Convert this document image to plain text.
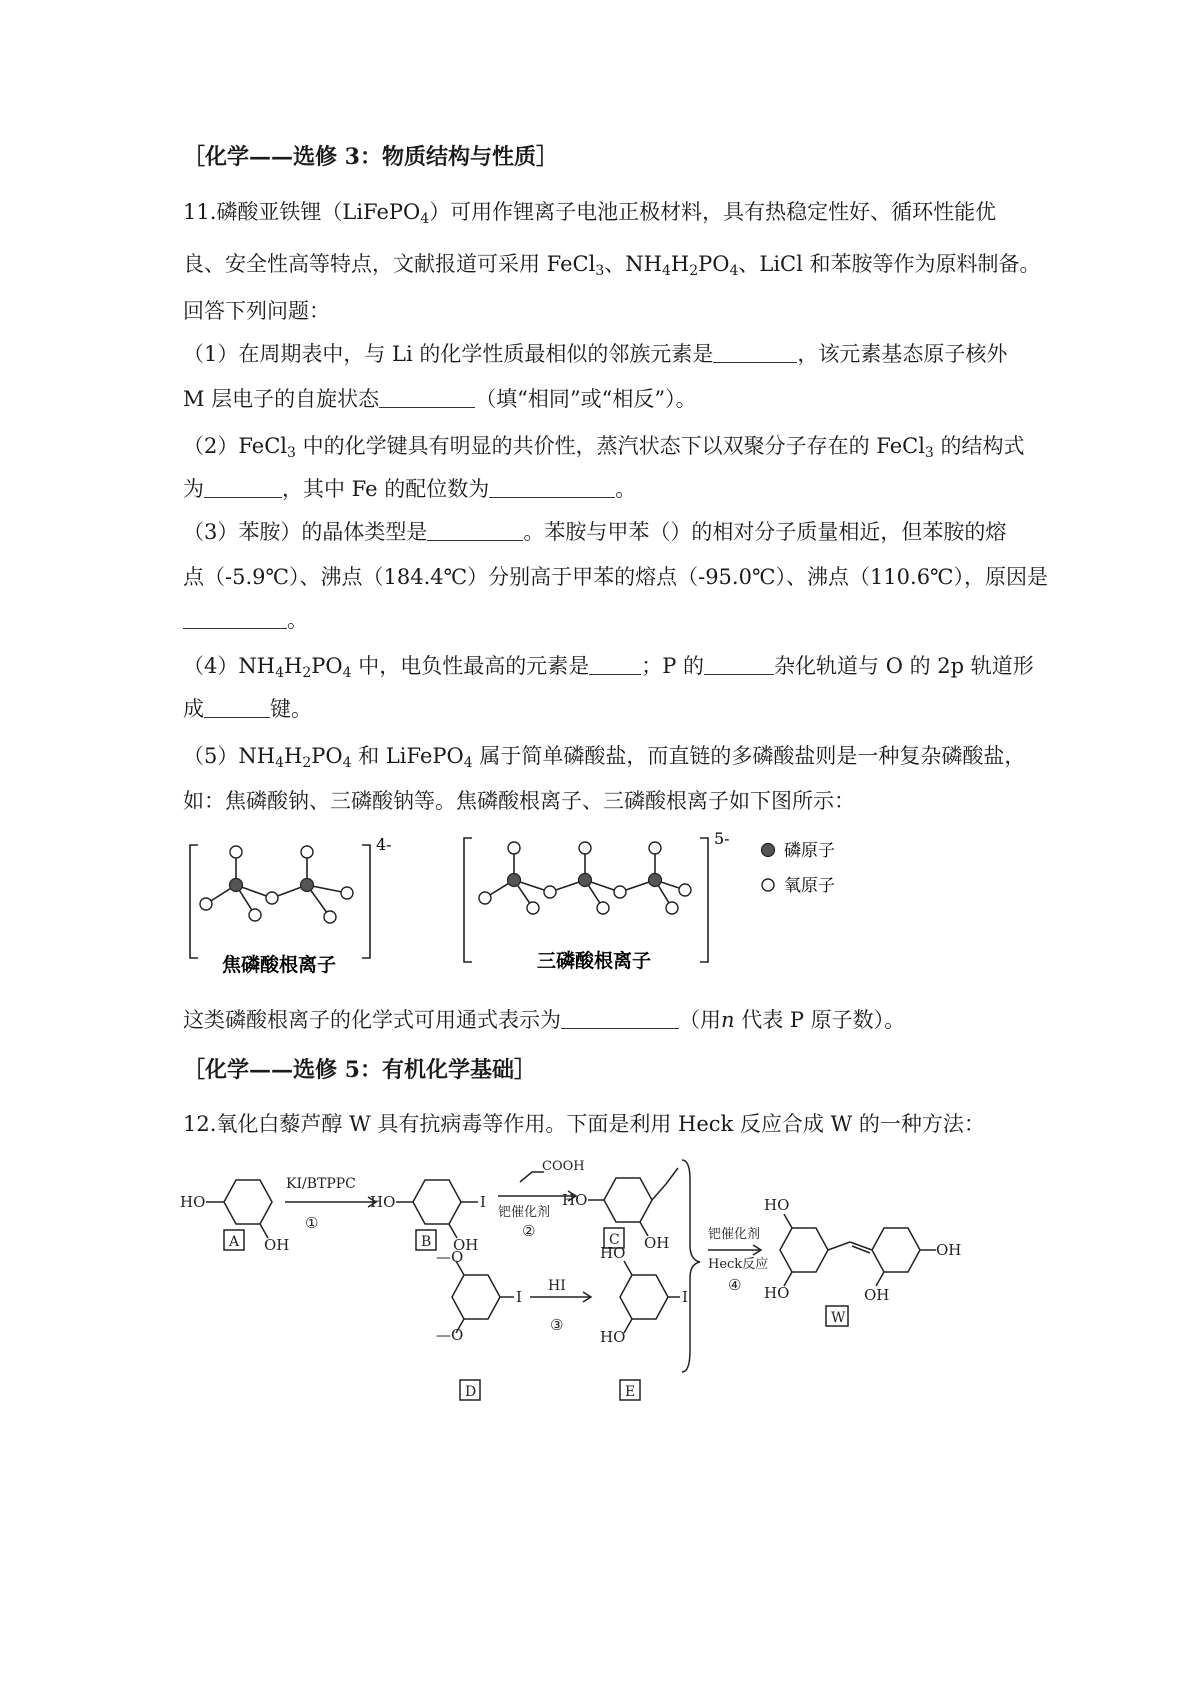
［化学——选修 3：物质结构与性质］
11.磷酸亚铁锂（LiFePO$_4$）可用作锂离子电池正极材料，具有热稳定性好、循环性能优
良、安全性高等特点，文献报道可采用 FeCl$_3$、$NH_4H_2PO_4$、LiCl 和苯胺等作为原料制备。
回答下列问题：
（1）在周期表中，与 Li 的化学性质最相似的邻族元素是	，该元素基态原子核外
M 层电子的自旋状态	（填“相同”或“相反”）。
（2）FeCl$_3$ 中的化学键具有明显的共价性，蒸汽状态下以双聚分子存在的 FeCl$_3$ 的结构式
为	，其中 Fe 的配位数为	。
（3）苯胺）的晶体类型是	。苯胺与甲苯（）的相对分子质量相近，但苯胺的熔
点（-5.9℃）、沸点（184.4℃）分别高于甲苯的熔点（-95.0℃）、沸点（110.6℃），原因是
。
$(4)NH_4H_2PO_4$ 中，电负性最高的元素是 ；P 的	杂化轨道与 O 的 2p 轨道形
成	键。
$(5)NH_4H_2PO_4$ 和 LiFePO$_4$ 属于简单磷酸盐，而直链的多磷酸盐则是一种复杂磷酸盐，
如：焦磷酸钠、三磷酸钠等。焦磷酸根离子、三磷酸根离子如下图所示：
4-	5-
磷原子
氧原子
焦磷酸根离子	三磷酸根离子
这类磷酸根离子的化学式可用通式表示为	（用n 代表 P 原子数）。
［化学——选修 5：有机化学基础］
12.氧化白藜芦醇 W 具有抗病毒等作用。下面是利用 Heck 反应合成 W 的一种方法：
HO
OH
KI/BTPPC
①
HO	I
OH
COOH
钯催化剂
②
HO
OH	钯催化剂
Heck反应
④
HO
HO
OH
OH
—O
—O
I
HI
③
HO
HO
I
A	B	C
W
D	E
